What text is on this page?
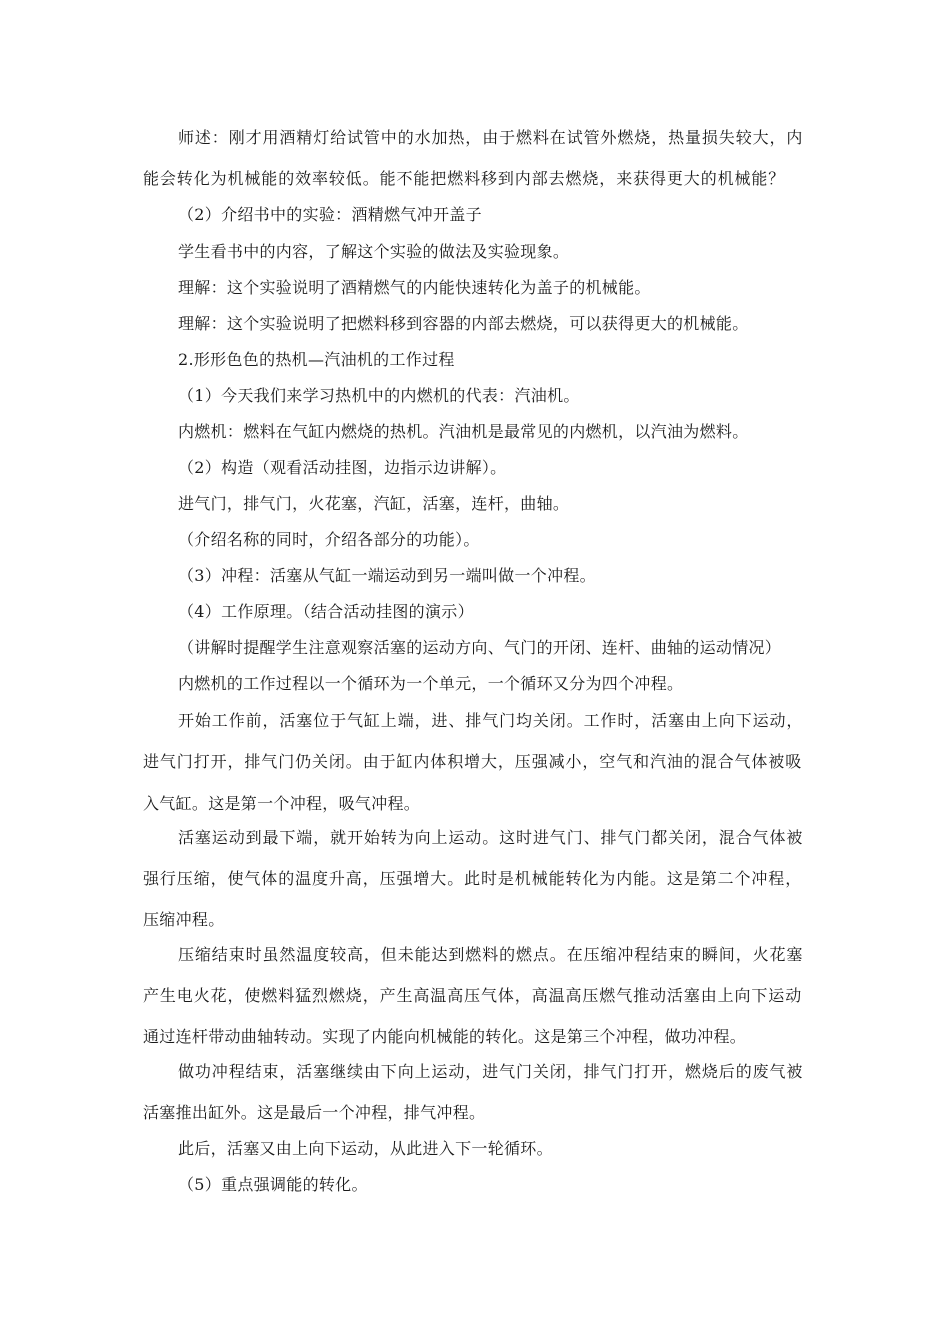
师述：刚才用酒精灯给试管中的水加热，由于燃料在试管外燃烧，热量损失较大，内
能会转化为机械能的效率较低。能不能把燃料移到内部去燃烧，来获得更大的机械能？
（2）介绍书中的实验：酒精燃气冲开盖子
学生看书中的内容，了解这个实验的做法及实验现象。
理解：这个实验说明了酒精燃气的内能快速转化为盖子的机械能。
理解：这个实验说明了把燃料移到容器的内部去燃烧，可以获得更大的机械能。
2.形形色色的热机—汽油机的工作过程
（1）今天我们来学习热机中的内燃机的代表：汽油机。
内燃机：燃料在气缸内燃烧的热机。汽油机是最常见的内燃机，以汽油为燃料。
（2）构造（观看活动挂图，边指示边讲解）。
进气门，排气门，火花塞，汽缸，活塞，连杆，曲轴。
（介绍名称的同时，介绍各部分的功能）。
（3）冲程：活塞从气缸一端运动到另一端叫做一个冲程。
（4）工作原理。（结合活动挂图的演示）
（讲解时提醒学生注意观察活塞的运动方向、气门的开闭、连杆、曲轴的运动情况）
内燃机的工作过程以一个循环为一个单元，一个循环又分为四个冲程。
开始工作前，活塞位于气缸上端，进、排气门均关闭。工作时，活塞由上向下运动，
进气门打开，排气门仍关闭。由于缸内体积增大，压强减小，空气和汽油的混合气体被吸
入气缸。这是第一个冲程，吸气冲程。
活塞运动到最下端，就开始转为向上运动。这时进气门、排气门都关闭，混合气体被
强行压缩，使气体的温度升高，压强增大。此时是机械能转化为内能。这是第二个冲程，
压缩冲程。
压缩结束时虽然温度较高，但未能达到燃料的燃点。在压缩冲程结束的瞬间，火花塞
产生电火花，使燃料猛烈燃烧，产生高温高压气体，高温高压燃气推动活塞由上向下运动
通过连杆带动曲轴转动。实现了内能向机械能的转化。这是第三个冲程，做功冲程。
做功冲程结束，活塞继续由下向上运动，进气门关闭，排气门打开，燃烧后的废气被
活塞推出缸外。这是最后一个冲程，排气冲程。
此后，活塞又由上向下运动，从此进入下一轮循环。
（5）重点强调能的转化。
